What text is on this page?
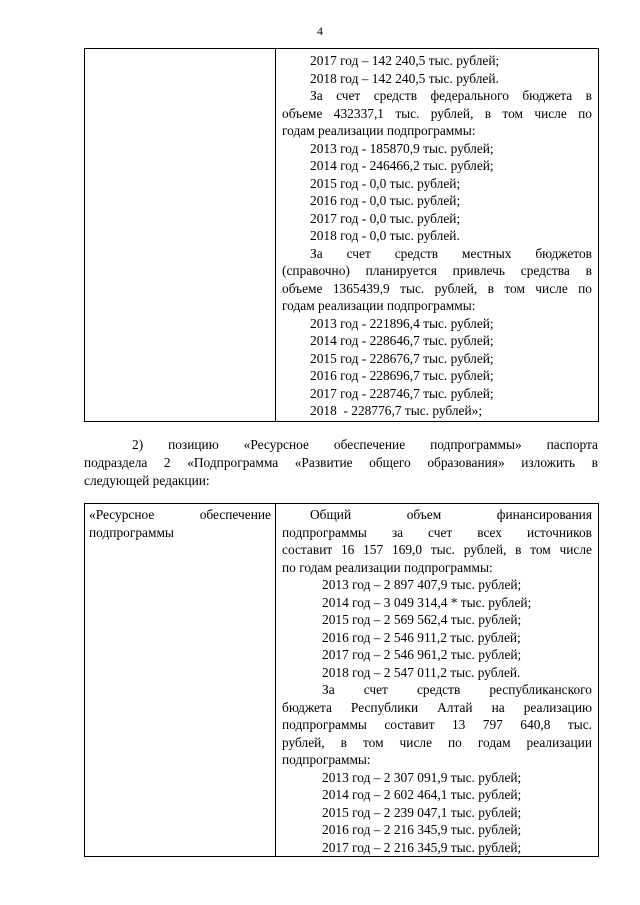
4

2017 год – 142 240,5 тыс. рублей;
2018 год – 142 240,5 тыс. рублей.
За счет средств федерального бюджета в
объеме 432337,1 тыс. рублей, в том числе по
годам реализации подпрограммы:
2013 год - 185870,9 тыс. рублей;
2014 год - 246466,2 тыс. рублей;
2015 год - 0,0 тыс. рублей;
2016 год - 0,0 тыс. рублей;
2017 год - 0,0 тыс. рублей;
2018 год - 0,0 тыс. рублей.
За счет средств местных бюджетов
(справочно) планируется привлечь средства в
объеме 1365439,9 тыс. рублей, в том числе по
годам реализации подпрограммы:
2013 год - 221896,4 тыс. рублей;
2014 год - 228646,7 тыс. рублей;
2015 год - 228676,7 тыс. рублей;
2016 год - 228696,7 тыс. рублей;
2017 год - 228746,7 тыс. рублей;
2018  - 228776,7 тыс. рублей»;
2) позицию «Ресурсное обеспечение подпрограммы» паспорта
подраздела 2 «Подпрограмма «Развитие общего образования» изложить в
следующей редакции:
«Ресурсное обеспечение
подпрограммы

Общий объем финансирования
подпрограммы за счет всех источников
составит 16 157 169,0 тыс. рублей, в том числе
по годам реализации подпрограммы:
2013 год – 2 897 407,9 тыс. рублей;
2014 год – 3 049 314,4 * тыс. рублей;
2015 год – 2 569 562,4 тыс. рублей;
2016 год – 2 546 911,2 тыс. рублей;
2017 год – 2 546 961,2 тыс. рублей;
2018 год – 2 547 011,2 тыс. рублей.
За счет средств республиканского
бюджета Республики Алтай на реализацию
подпрограммы составит 13 797 640,8 тыс.
рублей, в том числе по годам реализации
подпрограммы:
2013 год – 2 307 091,9 тыс. рублей;
2014 год – 2 602 464,1 тыс. рублей;
2015 год – 2 239 047,1 тыс. рублей;
2016 год – 2 216 345,9 тыс. рублей;
2017 год – 2 216 345,9 тыс. рублей;
